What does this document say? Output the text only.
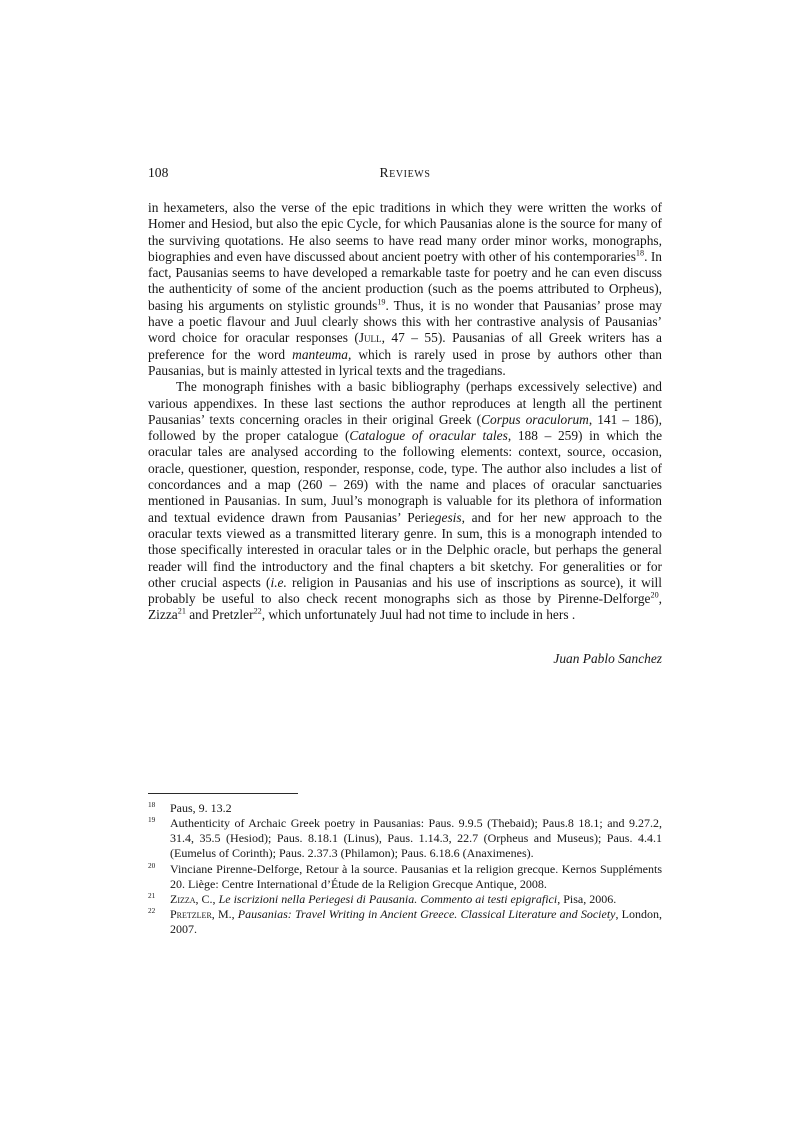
108	Reviews

in hexameters, also the verse of the epic traditions in which they were written the works of Homer and Hesiod, but also the epic Cycle, for which Pausanias alone is the source for many of the surviving quotations. He also seems to have read many order minor works, monographs, biographies and even have discussed about ancient poetry with other of his contemporaries$^{18}$. In fact, Pausanias seems to have developed a remarkable taste for poetry and he can even discuss the authenticity of some of the ancient production (such as the poems attributed to Orpheus), basing his arguments on stylistic grounds$^{19}$. Thus, it is no wonder that Pausanias’ prose may have a poetic flavour and Juul clearly shows this with her contrastive analysis of Pausanias’ word choice for oracular responses (Jull, 47 – 55). Pausanias of all Greek writers has a preference for the word manteuma, which is rarely used in prose by authors other than Pausanias, but is mainly attested in lyrical texts and the tragedians.

The monograph finishes with a basic bibliography (perhaps excessively selective) and various appendixes. In these last sections the author reproduces at length all the pertinent Pausanias’ texts concerning oracles in their original Greek (Corpus oraculorum, 141 – 186), followed by the proper catalogue (Catalogue of oracular tales, 188 – 259) in which the oracular tales are analysed according to the following elements: context, source, occasion, oracle, questioner, question, responder, response, code, type. The author also includes a list of concordances and a map (260 – 269) with the name and places of oracular sanctuaries mentioned in Pausanias. In sum, Juul’s monograph is valuable for its plethora of information and textual evidence drawn from Pausanias’ Periegesis, and for her new approach to the oracular texts viewed as a transmitted literary genre. In sum, this is a monograph intended to those specifically interested in oracular tales or in the Delphic oracle, but perhaps the general reader will find the introductory and the final chapters a bit sketchy. For generalities or for other crucial aspects (i.e. religion in Pausanias and his use of inscriptions as source), it will probably be useful to also check recent monographs sich as those by Pirenne-Delforge$^{20}$, Zizza$^{21}$ and Pretzler$^{22}$, which unfortunately Juul had not time to include in hers .

Juan Pablo Sanchez
$^{18}$	Paus, 9. 13.2
$^{19}$	Authenticity of Archaic Greek poetry in Pausanias: Paus. 9.9.5 (Thebaid); Paus.8 18.1; and 9.27.2, 31.4, 35.5 (Hesiod); Paus. 8.18.1 (Linus), Paus. 1.14.3, 22.7 (Orpheus and Museus); Paus. 4.4.1 (Eumelus of Corinth); Paus. 2.37.3 (Philamon); Paus. 6.18.6 (Anaximenes).
$^{20}$	Vinciane Pirenne-Delforge, Retour à la source. Pausanias et la religion grecque. Kernos Suppléments 20. Liège: Centre International d’Étude de la Religion Grecque Antique, 2008.
$^{21}$	Zizza, C., Le iscrizioni nella Periegesi di Pausania. Commento ai testi epigrafici, Pisa, 2006.
$^{22}$	Pretzler, M., Pausanias: Travel Writing in Ancient Greece. Classical Literature and Society, London, 2007.
